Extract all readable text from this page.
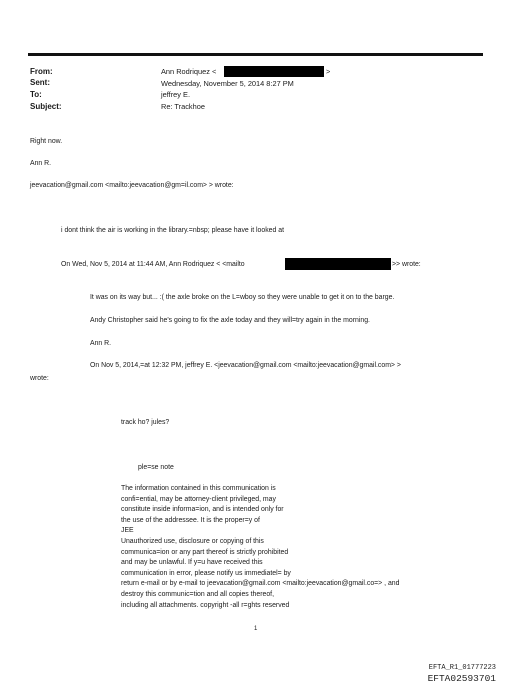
From:
Sent:
To:
Subject:
Ann Rodriquez <	>
Wednesday, November 5, 2014 8:27 PM
jeffrey E.
Re: Trackhoe
Right now.
Ann R.
jeevacation@gmail.com <mailto:jeevacation@gm=il.com> > wrote:
i dont think the air is working in the library.=nbsp; please have it looked at
On Wed, Nov 5, 2014 at 11:44 AM, Ann Rodriquez < <mailto	>> wrote:
It was on its way but... :( the axle broke on the L=wboy so they were unable to get it on to the barge.
Andy Christopher said he's going to fix the axle today and they will=try again in the morning.
Ann R.
On Nov 5, 2014,=at 12:32 PM, jeffrey E. <jeevacation@gmail.com <mailto:jeevacation@gmail.com> >
wrote:
track ho? jules?
ple=se note
The information contained in this communication is
confi=ential, may be attorney-client privileged, may
constitute inside informa=ion, and is intended only for
the use of the addressee. It is the proper=y of
JEE
Unauthorized use, disclosure or copying of this
communica=ion or any part thereof is strictly prohibited
and may be unlawful. If y=u have received this
communication in error, please notify us immediatel= by
return e-mail or by e-mail to jeevacation@gmail.com <mailto:jeevacation@gmail.co=> , and
destroy this communic=tion and all copies thereof,
including all attachments. copyright -all r=ghts reserved
1
EFTA_R1_01777223
EFTA02593701
